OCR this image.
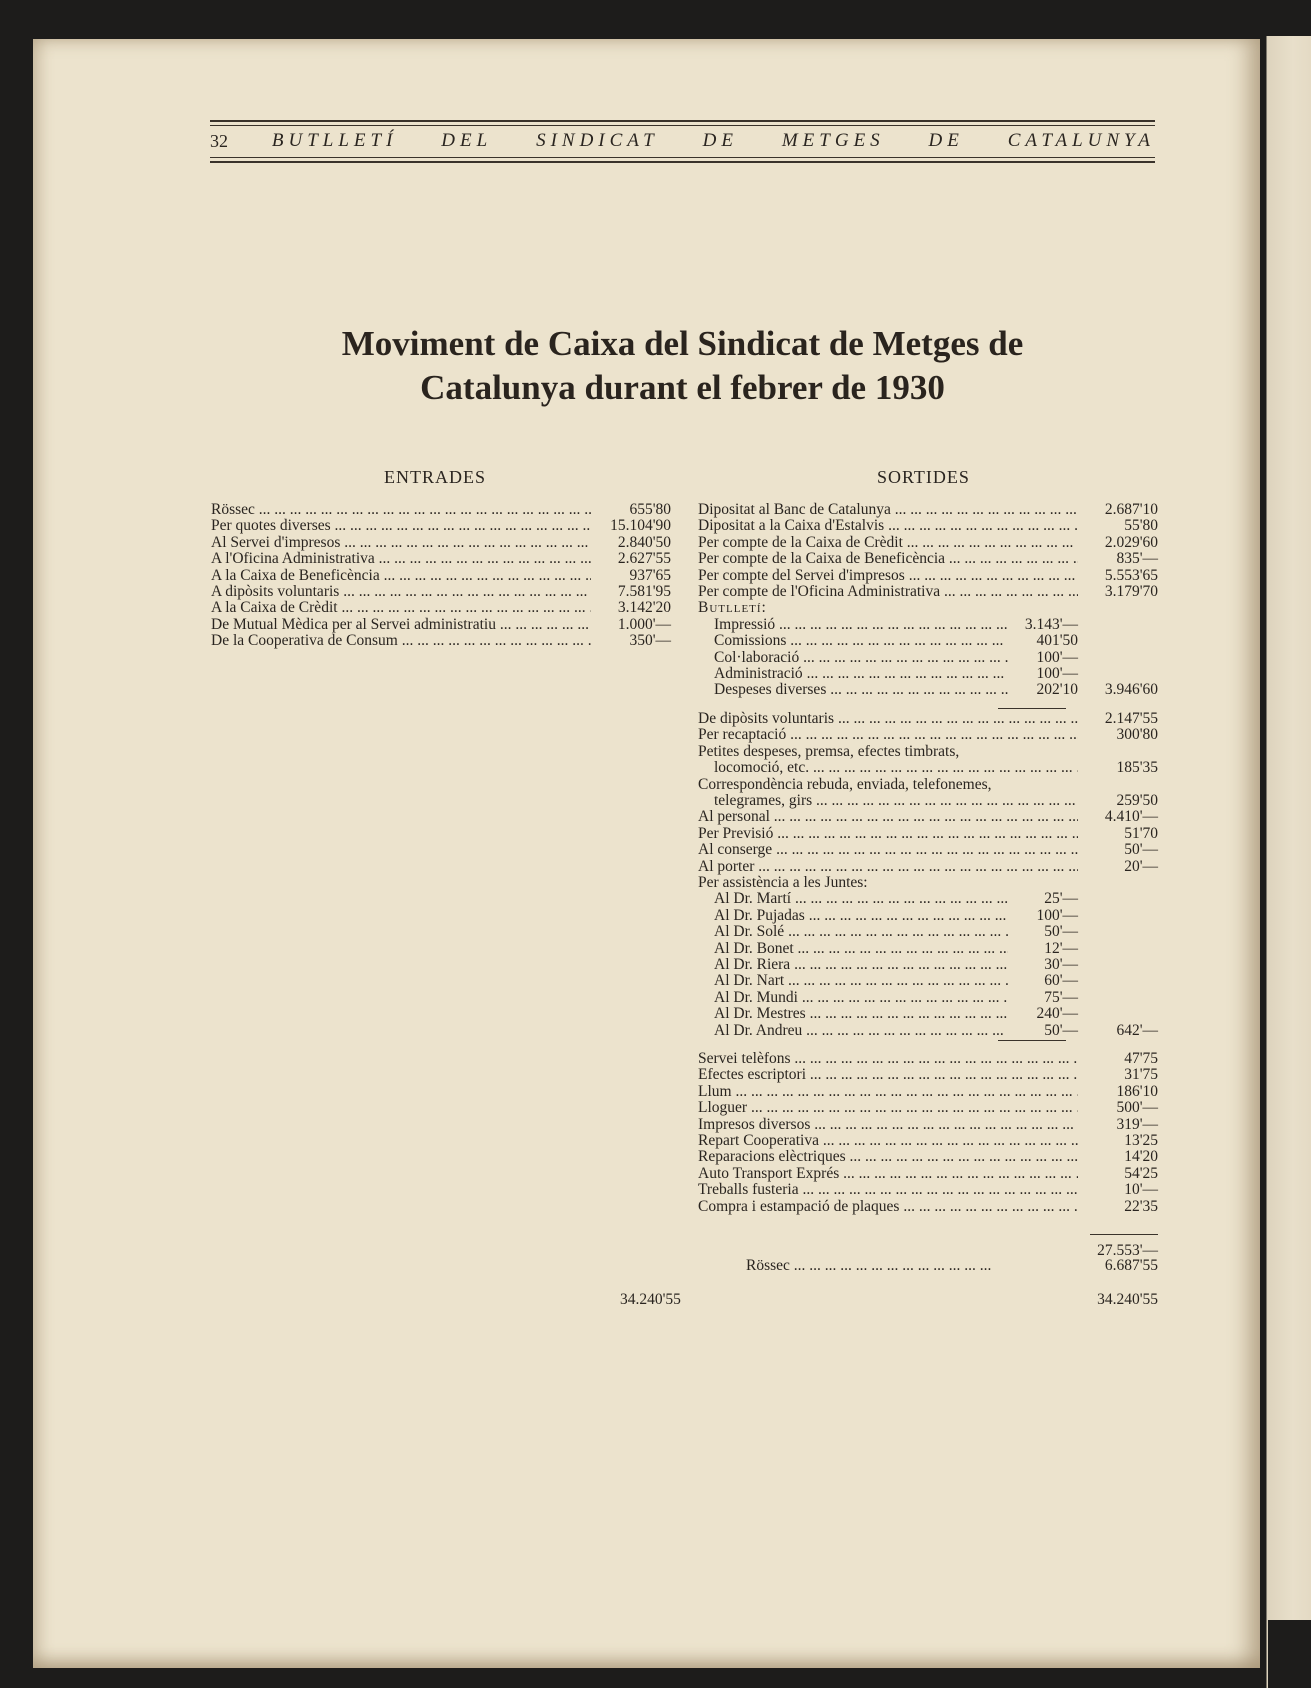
32 BUTLLETÍ DEL SINDICAT DE METGES DE CATALUNYA
Moviment de Caixa del Sindicat de Metges de
Catalunya durant el febrer de 1930
ENTRADES	SORTIDES
Rössec ... .	655'80
Per quotes diverses ... .	15.104'90
Al Servei d'impresos ... .	2.840'50
A l'Oficina Administrativa ... .	2.627'55
A la Caixa de Beneficència ... .	937'65
A dipòsits voluntaris ... .	7.581'95
A la Caixa de Crèdit ... .	3.142'20
De Mutual Mèdica per al Servei administratiu ... .	1.000'—
De la Cooperativa de Consum ... .	350'—
34.240'55
Dipositat al Banc de Catalunya ... .	2.687'10
Dipositat a la Caixa d'Estalvis ... .	55'80
Per compte de la Caixa de Crèdit ... .	2.029'60
Per compte de la Caixa de Beneficència ... .	835'—
Per compte del Servei d'impresos ... .	5.553'65
Per compte de l'Oficina Administrativa ... .	3.179'70
Butlletí:
Impressió ... .	3.143'—
Comissions ... .	401'50
Col·laboració ... .	100'—
Administració ... .	100'—
Despeses diverses ... .	202'10	3.946'60
De dipòsits voluntaris ... .	2.147'55
Per recaptació ... .	300'80
Petites despeses, premsa, efectes timbrats,
locomoció, etc. ... .	185'35
Correspondència rebuda, enviada, telefonemes,
telegrames, girs ... .	259'50
Al personal ... .	4.410'—
Per Previsió ... .	51'70
Al conserge ... .	50'—
Al porter ... .	20'—
Per assistència a les Juntes:
Al Dr. Martí ... .	25'—
Al Dr. Pujadas ... .	100'—
Al Dr. Solé ... .	50'—
Al Dr. Bonet ... .	12'—
Al Dr. Riera ... .	30'—
Al Dr. Nart ... .	60'—
Al Dr. Mundi ... .	75'—
Al Dr. Mestres ... .	240'—
Al Dr. Andreu ... .	50'—	642'—
Servei telèfons ... .	47'75
Efectes escriptori ... .	31'75
Llum ... .	186'10
Lloguer ... .	500'—
Impresos diversos ... .	319'—
Repart Cooperativa ... .	13'25
Reparacions elèctriques ... .	14'20
Auto Transport Exprés ... .	54'25
Treballs fusteria ... .	10'—
Compra i estampació de plaques ... .	22'35
27.553'—
Rössec ... ... ... ... ... ... ... ... ... ... ... ... ...	6.687'55
34.240'55
